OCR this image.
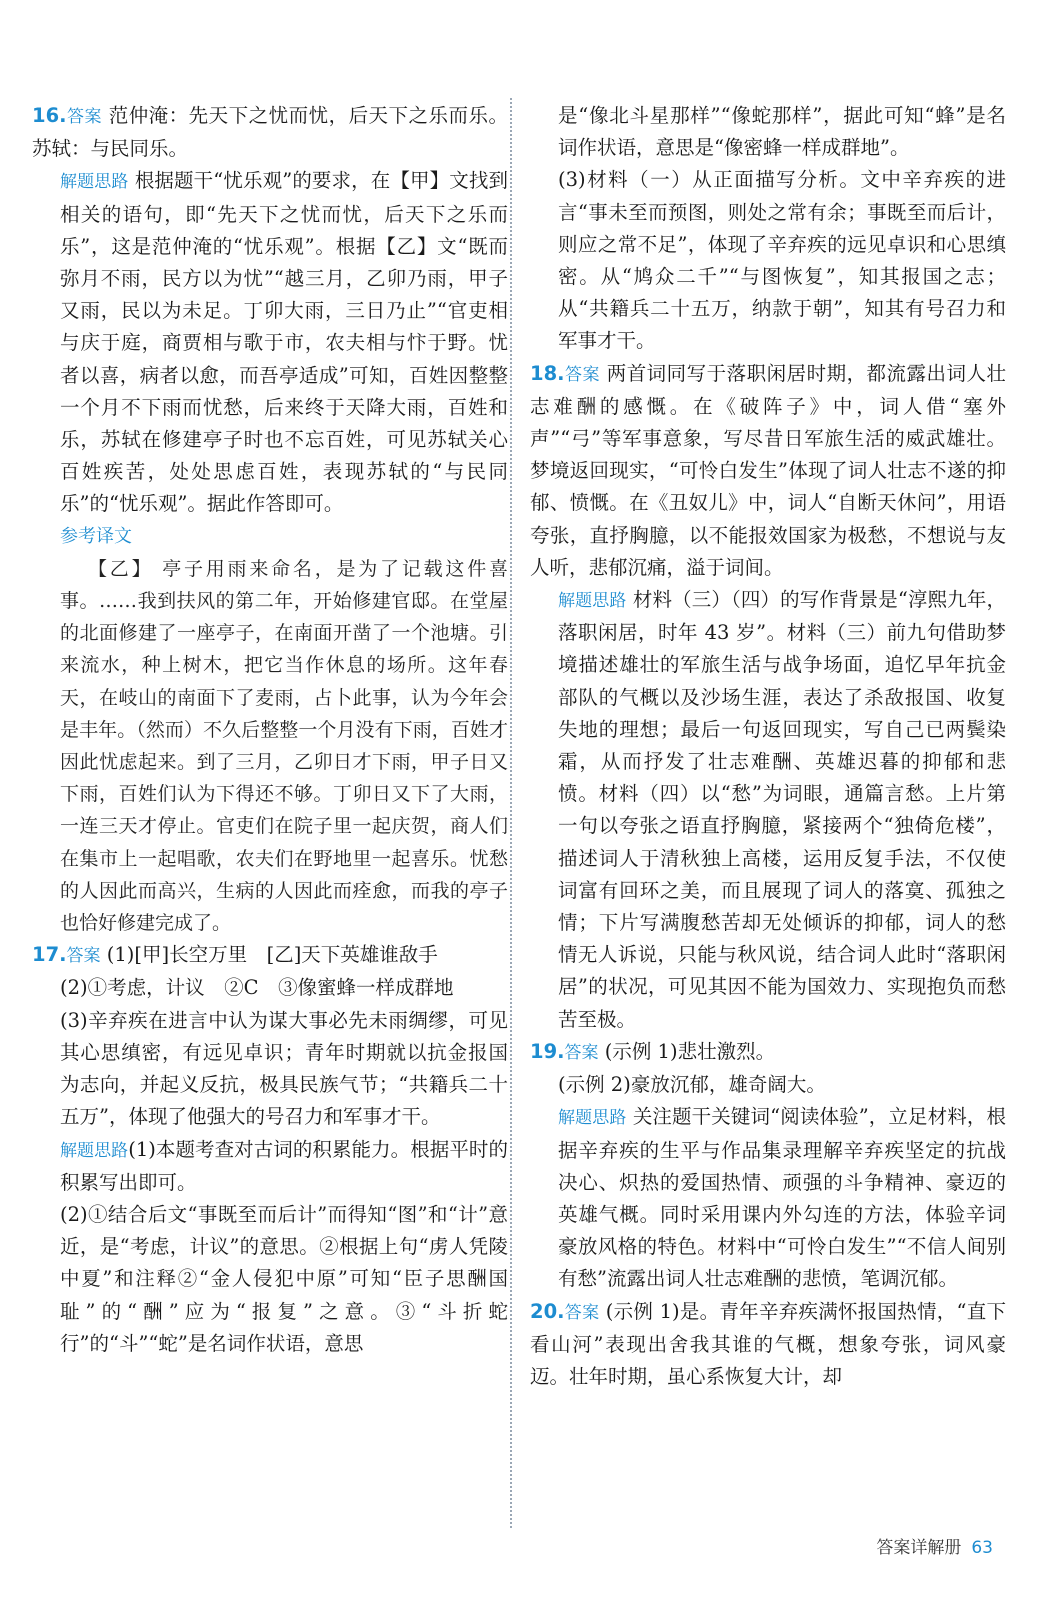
16.答案 范仲淹：先天下之忧而忧，后天下之乐而乐。苏轼：与民同乐。

解题思路 根据题干“忧乐观”的要求，在【甲】文找到相关的语句，即“先天下之忧而忧，后天下之乐而乐”，这是范仲淹的“忧乐观”。根据【乙】文“既而弥月不雨，民方以为忧”“越三月，乙卯乃雨，甲子又雨，民以为未足。丁卯大雨，三日乃止”“官吏相与庆于庭，商贾相与歌于市，农夫相与忭于野。忧者以喜，病者以愈，而吾亭适成”可知，百姓因整整一个月不下雨而忧愁，后来终于天降大雨，百姓和乐，苏轼在修建亭子时也不忘百姓，可见苏轼关心百姓疾苦，处处思虑百姓，表现苏轼的“与民同乐”的“忧乐观”。据此作答即可。

参考译文

【乙】 亭子用雨来命名，是为了记载这件喜事。……我到扶风的第二年，开始修建官邸。在堂屋的北面修建了一座亭子，在南面开凿了一个池塘。引来流水，种上树木，把它当作休息的场所。这年春天，在岐山的南面下了麦雨，占卜此事，认为今年会是丰年。（然而）不久后整整一个月没有下雨，百姓才因此忧虑起来。到了三月，乙卯日才下雨，甲子日又下雨，百姓们认为下得还不够。丁卯日又下了大雨，一连三天才停止。官吏们在院子里一起庆贺，商人们在集市上一起唱歌，农夫们在野地里一起喜乐。忧愁的人因此而高兴，生病的人因此而痊愈，而我的亭子也恰好修建完成了。

17.答案 (1)[甲]长空万里　[乙]天下英雄谁敌手

(2)①考虑，计议　②C　③像蜜蜂一样成群地

(3)辛弃疾在进言中认为谋大事必先未雨绸缪，可见其心思缜密，有远见卓识；青年时期就以抗金报国为志向，并起义反抗，极具民族气节；“共籍兵二十五万”，体现了他强大的号召力和军事才干。

解题思路(1)本题考查对古词的积累能力。根据平时的积累写出即可。

(2)①结合后文“事既至而后计”而得知“图”和“计”意近，是“考虑，计议”的意思。②根据上句“虏人凭陵中夏”和注释②“金人侵犯中原”可知“臣子思酬国耻”的“酬”应为“报复”之意。③“斗折蛇行”的“斗”“蛇”是名词作状语，意思

是“像北斗星那样”“像蛇那样”，据此可知“蜂”是名词作状语，意思是“像密蜂一样成群地”。

(3)材料（一）从正面描写分析。文中辛弃疾的进言“事未至而预图，则处之常有余；事既至而后计，则应之常不足”，体现了辛弃疾的远见卓识和心思缜密。从“鸠众二千”“与图恢复”，知其报国之志；从“共籍兵二十五万，纳款于朝”，知其有号召力和军事才干。

18.答案 两首词同写于落职闲居时期，都流露出词人壮志难酬的感慨。在《破阵子》中，词人借“塞外声”“弓”等军事意象，写尽昔日军旅生活的威武雄壮。梦境返回现实，“可怜白发生”体现了词人壮志不遂的抑郁、愤慨。在《丑奴儿》中，词人“自断天休问”，用语夸张，直抒胸臆，以不能报效国家为极愁，不想说与友人听，悲郁沉痛，溢于词间。

解题思路 材料（三）（四）的写作背景是“淳熙九年，落职闲居，时年 43 岁”。材料（三）前九句借助梦境描述雄壮的军旅生活与战争场面，追忆早年抗金部队的气概以及沙场生涯，表达了杀敌报国、收复失地的理想；最后一句返回现实，写自己已两鬓染霜，从而抒发了壮志难酬、英雄迟暮的抑郁和悲愤。材料（四）以“愁”为词眼，通篇言愁。上片第一句以夸张之语直抒胸臆，紧接两个“独倚危楼”，描述词人于清秋独上高楼，运用反复手法，不仅使词富有回环之美，而且展现了词人的落寞、孤独之情；下片写满腹愁苦却无处倾诉的抑郁，词人的愁情无人诉说，只能与秋风说，结合词人此时“落职闲居”的状况，可见其因不能为国效力、实现抱负而愁苦至极。

19.答案 (示例 1)悲壮激烈。

(示例 2)豪放沉郁，雄奇阔大。

解题思路 关注题干关键词“阅读体验”，立足材料，根据辛弃疾的生平与作品集录理解辛弃疾坚定的抗战决心、炽热的爱国热情、顽强的斗争精神、豪迈的英雄气概。同时采用课内外勾连的方法，体验辛词豪放风格的特色。材料中“可怜白发生”“不信人间别有愁”流露出词人壮志难酬的悲愤，笔调沉郁。

20.答案 (示例 1)是。青年辛弃疾满怀报国热情，“直下看山河”表现出舍我其谁的气概，想象夸张，词风豪迈。壮年时期，虽心系恢复大计，却

答案详解册 63
